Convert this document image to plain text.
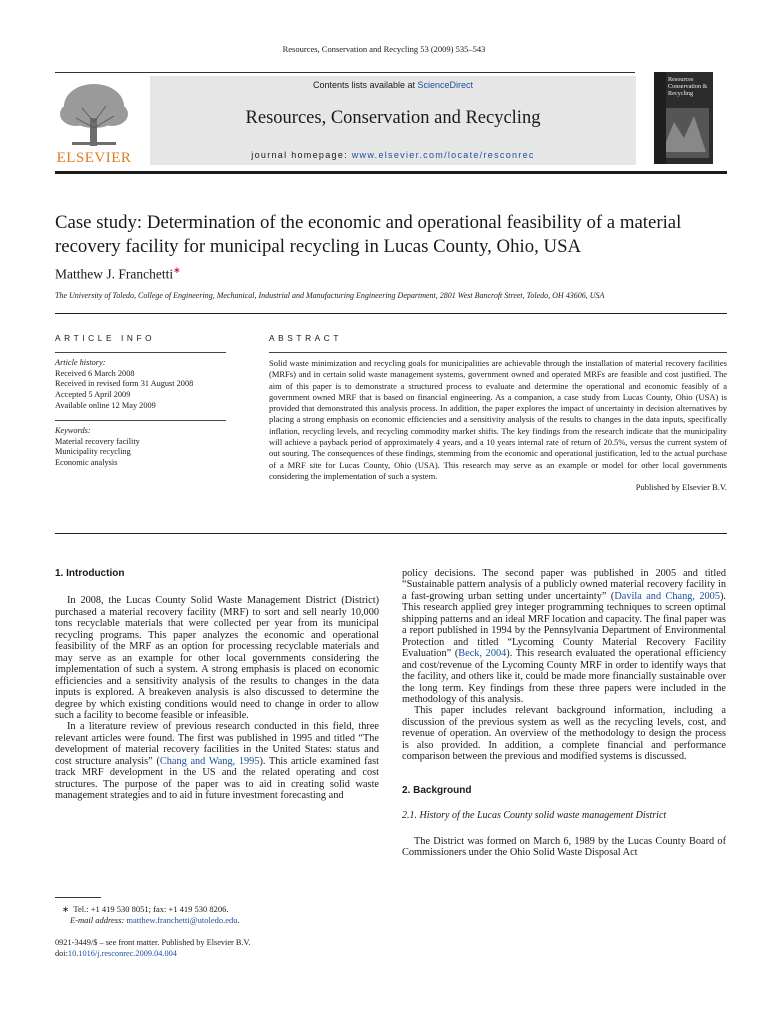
Resources, Conservation and Recycling 53 (2009) 535–543
ELSEVIER
Contents lists available at ScienceDirect
Resources, Conservation and Recycling
journal homepage: www.elsevier.com/locate/resconrec
Resources Conservation & Recycling
Case study: Determination of the economic and operational feasibility of a material recovery facility for municipal recycling in Lucas County, Ohio, USA
Matthew J. Franchetti∗
The University of Toledo, College of Engineering, Mechanical, Industrial and Manufacturing Engineering Department, 2801 West Bancroft Street, Toledo, OH 43606, USA
ARTICLE INFO
Article history:
Received 6 March 2008
Received in revised form 31 August 2008
Accepted 5 April 2009
Available online 12 May 2009
Keywords:
Material recovery facility
Municipality recycling
Economic analysis
ABSTRACT
Solid waste minimization and recycling goals for municipalities are achievable through the installation of material recovery facilities (MRFs) and in certain solid waste management systems, government owned and operated MRFs are feasible and cost justified. The aim of this paper is to demonstrate a structured process to evaluate and determine the operational and economic feasibly of a government owned MRF that is based on financial engineering. As a companion, a case study from Lucas County, Ohio (USA) is provided that demonstrated this analysis process. In addition, the paper explores the impact of uncertainty in decision alternatives by placing a strong emphasis on economic efficiencies and a sensitivity analysis of the results to changes in the data inputs, specifically inflation, recycling levels, and recycling commodity market shifts. The key findings from the research indicate that the municipality will achieve a payback period of approximately 4 years, and a 10 years internal rate of return of 20.5%, versus the current system of out souring. The consequences of these findings, stemming from the economic and operational justification, led to the actual purchase of a MRF site for Lucas County, Ohio (USA). This research may serve as an example or model for other local governments considering the implementation of such a system.
Published by Elsevier B.V.
1. Introduction

In 2008, the Lucas County Solid Waste Management District (District) purchased a material recovery facility (MRF) to sort and sell nearly 10,000 tons recyclable materials that were collected per year from its municipal recycling programs. This paper analyzes the economic and operational feasibility of the MRF as an option for processing recyclable materials and may serve as an example for other local governments considering the implementation of such a system. A strong emphasis is placed on economic efficiencies and a sensitivity analysis of the results to changes in the data inputs is explored. A breakeven analysis is also discussed to determine the degree by which existing conditions would need to change in order to allow such a facility to become feasible or infeasible.

In a literature review of previous research conducted in this field, three relevant articles were found. The first was published in 1995 and titled “The development of material recovery facilities in the United States: status and cost structure analysis” (Chang and Wang, 1995). This article examined fast track MRF development in the US and the related operating and cost structures. The purpose of the paper was to aid in creating solid waste management strategies and to aid in future investment forecasting and

policy decisions. The second paper was published in 2005 and titled “Sustainable pattern analysis of a publicly owned material recovery facility in a fast-growing urban setting under uncertainty” (Davila and Chang, 2005). This research applied grey integer programming techniques to screen optimal shipping patterns and an ideal MRF location and capacity. The final paper was a report published in 1994 by the Pennsylvania Department of Environmental Protection and titled “Lycoming County Material Recovery Facility Evaluation” (Beck, 2004). This research evaluated the operational efficiency and cost/revenue of the Lycoming County MRF in order to identify ways that the facility, and others like it, could be made more financially sustainable over the long term. Key findings from these three papers were included in the methodology of this analysis.

This paper includes relevant background information, including a discussion of the previous system as well as the recycling levels, cost, and revenue of operation. An overview of the methodology to design the process is also provided. In addition, a complete financial and performance comparison between the previous and modified systems is discussed.

2. Background
2.1. History of the Lucas County solid waste management District

The District was formed on March 6, 1989 by the Lucas County Board of Commissioners under the Ohio Solid Waste Disposal Act

∗ Tel.: +1 419 530 8051; fax: +1 419 530 8206.
E-mail address: matthew.franchetti@utoledo.edu.
0921-3449/$ – see front matter. Published by Elsevier B.V.
doi:10.1016/j.resconrec.2009.04.004
